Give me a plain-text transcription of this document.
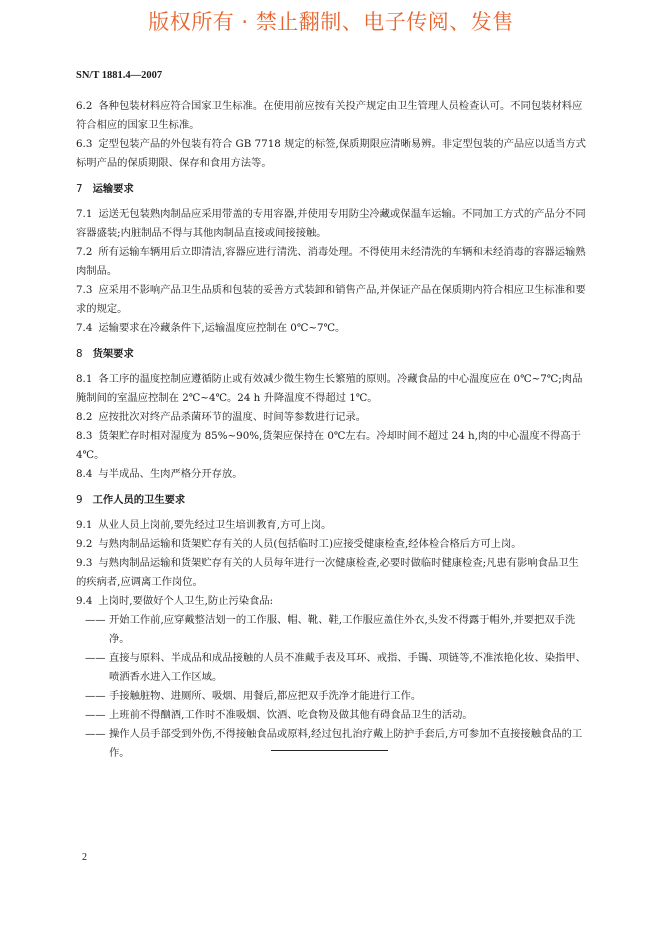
版权所有 · 禁止翻制、电子传阅、发售
SN/T 1881.4—2007
6.2 各种包装材料应符合国家卫生标准。在使用前应按有关投产规定由卫生管理人员检查认可。不同包装材料应符合相应的国家卫生标准。
6.3 定型包装产品的外包装有符合 GB 7718 规定的标签,保质期限应清晰易辨。非定型包装的产品应以适当方式标明产品的保质期限、保存和食用方法等。
7 运输要求
7.1 运送无包装熟肉制品应采用带盖的专用容器,并使用专用防尘冷藏或保温车运输。不同加工方式的产品分不同容器盛装;内脏制品不得与其他肉制品直接或间接接触。
7.2 所有运输车辆用后立即清洁,容器应进行清洗、消毒处理。不得使用未经清洗的车辆和未经消毒的容器运输熟肉制品。
7.3 应采用不影响产品卫生品质和包装的妥善方式装卸和销售产品,并保证产品在保质期内符合相应卫生标准和要求的规定。
7.4 运输要求在冷藏条件下,运输温度应控制在 0℃~7℃。
8 货架要求
8.1 各工序的温度控制应遵循防止或有效减少微生物生长繁殖的原则。冷藏食品的中心温度应在 0℃~7℃;肉品腌制间的室温应控制在 2℃~4℃。24 h 升降温度不得超过 1℃。
8.2 应按批次对终产品杀菌环节的温度、时间等参数进行记录。
8.3 货架贮存时相对湿度为 85%~90%,货架应保持在 0℃左右。冷却时间不超过 24 h,肉的中心温度不得高于 4℃。
8.4 与半成品、生肉严格分开存放。
9 工作人员的卫生要求
9.1 从业人员上岗前,要先经过卫生培训教育,方可上岗。
9.2 与熟肉制品运输和货架贮存有关的人员(包括临时工)应接受健康检查,经体检合格后方可上岗。
9.3 与熟肉制品运输和货架贮存有关的人员每年进行一次健康检查,必要时做临时健康检查;凡患有影响食品卫生的疾病者,应调离工作岗位。
9.4 上岗时,要做好个人卫生,防止污染食品:
—— 开始工作前,应穿戴整洁划一的工作服、帽、靴、鞋,工作服应盖住外衣,头发不得露于帽外,并要把双手洗净。
—— 直接与原料、半成品和成品接触的人员不准戴手表及耳环、戒指、手镯、项链等,不准浓艳化妆、染指甲、喷洒香水进入工作区域。
—— 手接触脏物、进厕所、吸烟、用餐后,都应把双手洗净才能进行工作。
—— 上班前不得酗酒,工作时不准吸烟、饮酒、吃食物及做其他有碍食品卫生的活动。
—— 操作人员手部受到外伤,不得接触食品或原料,经过包扎治疗戴上防护手套后,方可参加不直接接触食品的工作。
2
